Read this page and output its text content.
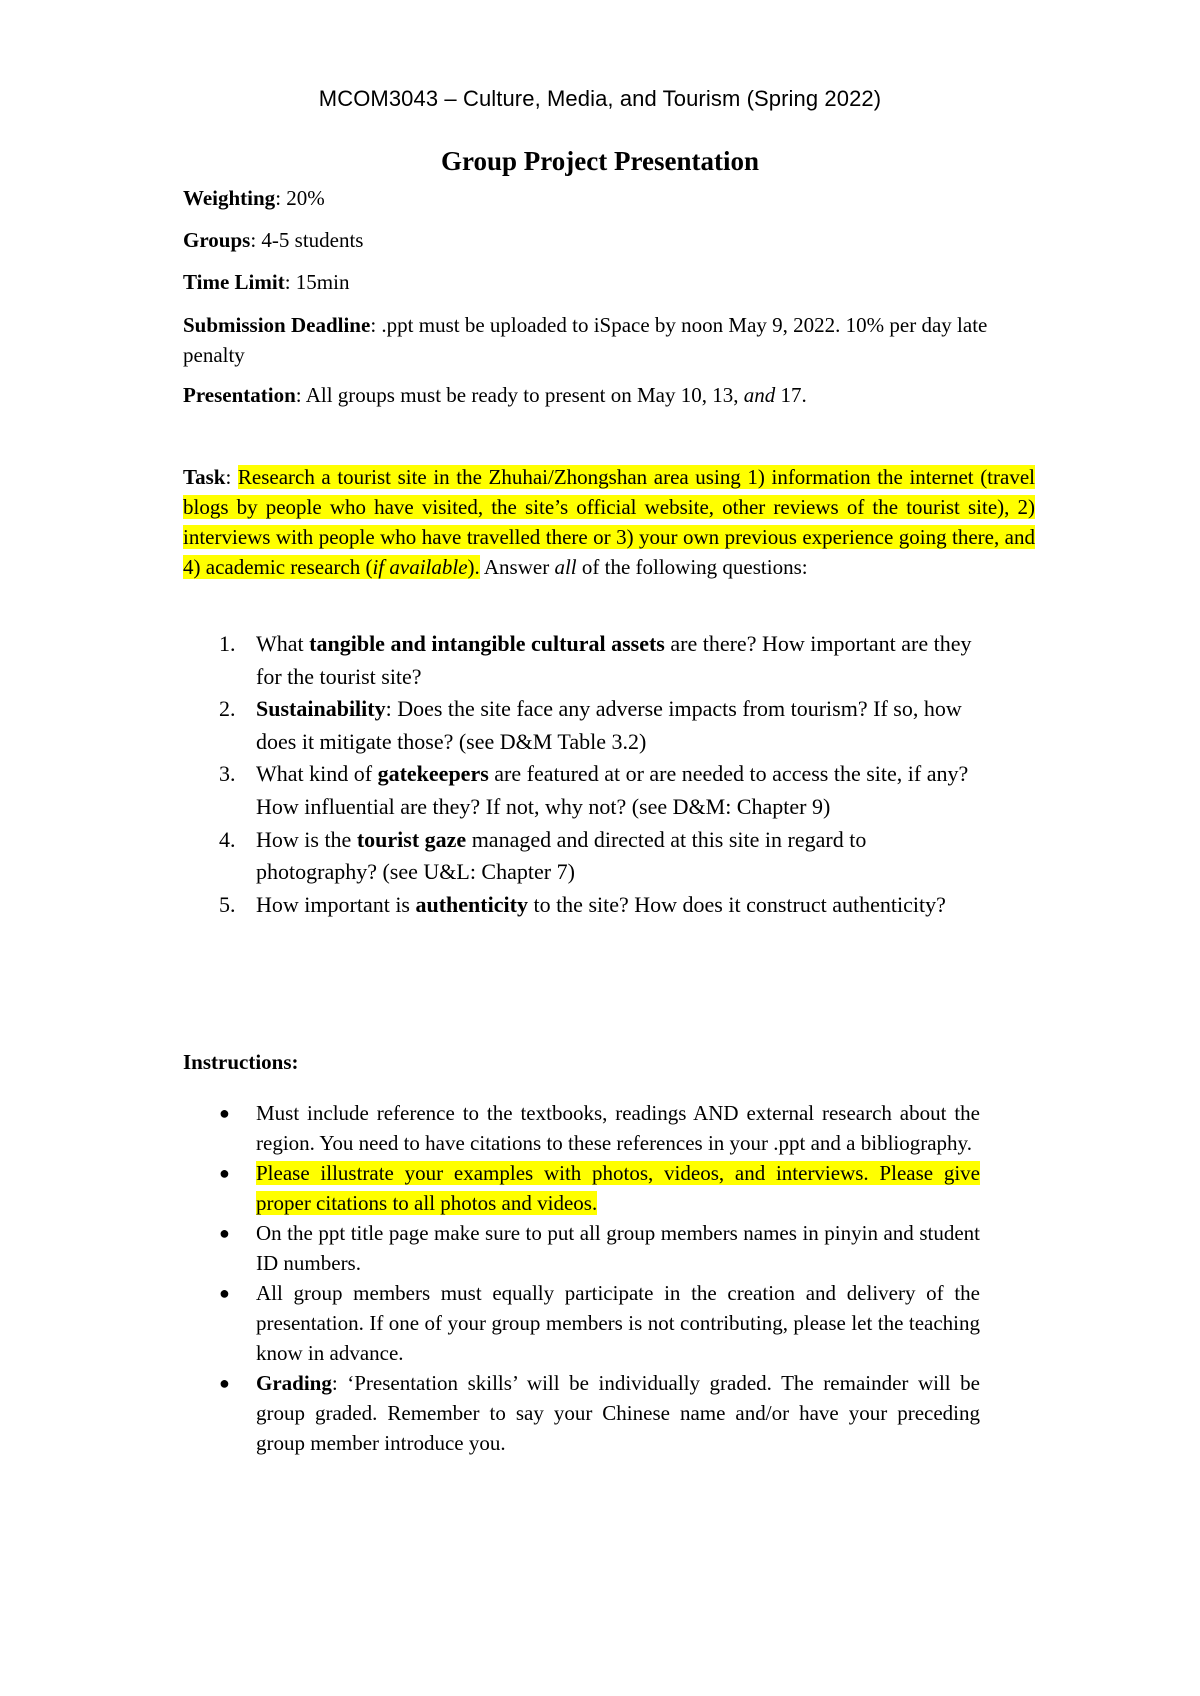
MCOM3043 – Culture, Media, and Tourism (Spring 2022)
Group Project Presentation
Weighting: 20%
Groups: 4-5 students
Time Limit: 15min
Submission Deadline: .ppt must be uploaded to iSpace by noon May 9, 2022. 10% per day late penalty
Presentation: All groups must be ready to present on May 10, 13, and 17.
Task: Research a tourist site in the Zhuhai/Zhongshan area using 1) information the internet (travel blogs by people who have visited, the site’s official website, other reviews of the tourist site), 2) interviews with people who have travelled there or 3) your own previous experience going there, and 4) academic research (if available). Answer all of the following questions:
1. What tangible and intangible cultural assets are there? How important are they for the tourist site?
2. Sustainability: Does the site face any adverse impacts from tourism? If so, how does it mitigate those? (see D&M Table 3.2)
3. What kind of gatekeepers are featured at or are needed to access the site, if any? How influential are they? If not, why not? (see D&M: Chapter 9)
4. How is the tourist gaze managed and directed at this site in regard to photography? (see U&L: Chapter 7)
5. How important is authenticity to the site? How does it construct authenticity?
Instructions:
● Must include reference to the textbooks, readings AND external research about the region. You need to have citations to these references in your .ppt and a bibliography.
● Please illustrate your examples with photos, videos, and interviews. Please give proper citations to all photos and videos.
● On the ppt title page make sure to put all group members names in pinyin and student ID numbers.
● All group members must equally participate in the creation and delivery of the presentation. If one of your group members is not contributing, please let the teaching know in advance.
● Grading: ‘Presentation skills’ will be individually graded. The remainder will be group graded. Remember to say your Chinese name and/or have your preceding group member introduce you.
